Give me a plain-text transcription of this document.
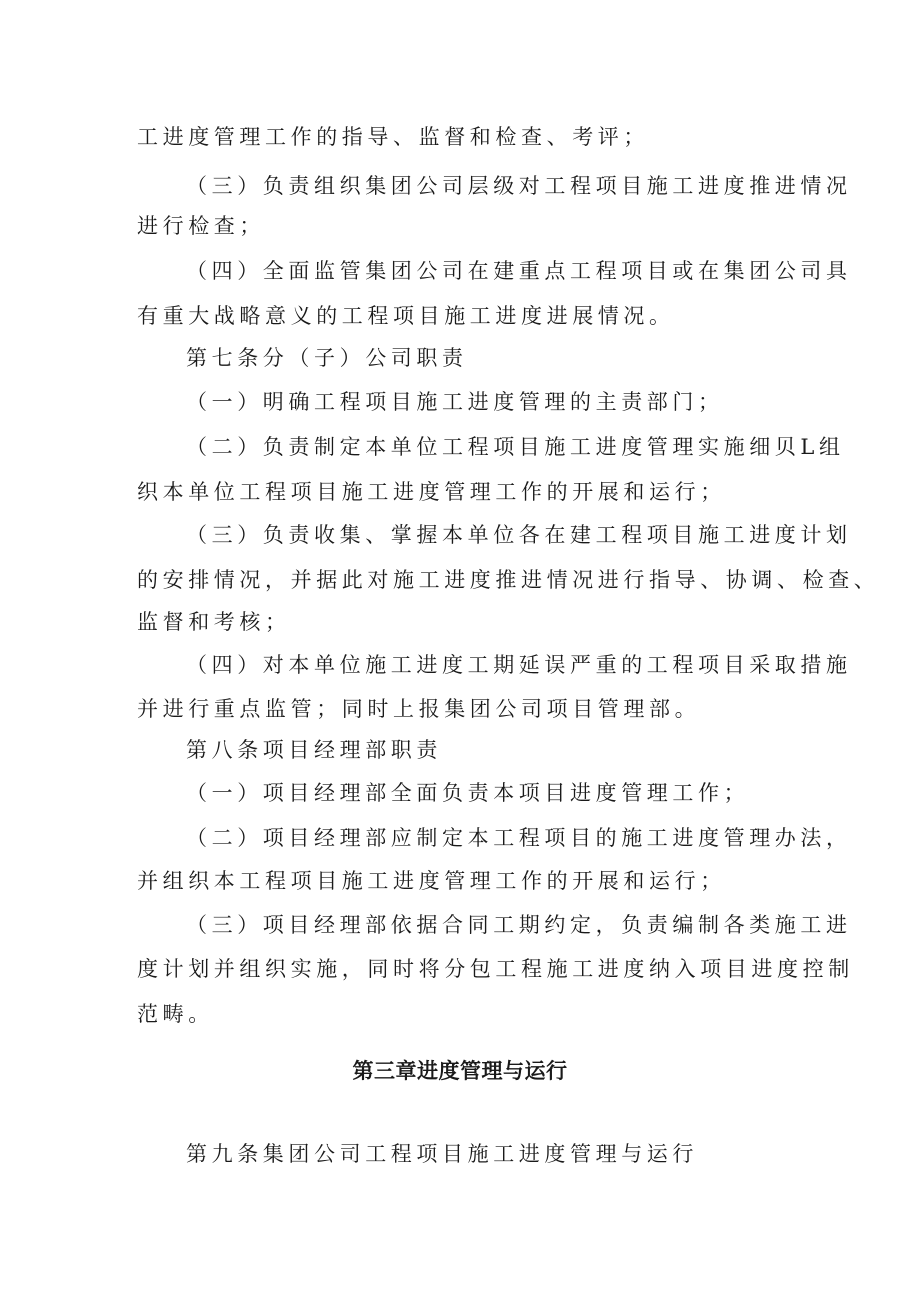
工进度管理工作的指导、监督和检查、考评；
（三）负责组织集团公司层级对工程项目施工进度推进情况
进行检查；
（四）全面监管集团公司在建重点工程项目或在集团公司具
有重大战略意义的工程项目施工进度进展情况。
第七条分（子）公司职责
（一）明确工程项目施工进度管理的主责部门；
（二）负责制定本单位工程项目施工进度管理实施细贝L组
织本单位工程项目施工进度管理工作的开展和运行；
（三）负责收集、掌握本单位各在建工程项目施工进度计划
的安排情况，并据此对施工进度推进情况进行指导、协调、检查、
监督和考核；
（四）对本单位施工进度工期延误严重的工程项目采取措施
并进行重点监管；同时上报集团公司项目管理部。
第八条项目经理部职责
（一）项目经理部全面负责本项目进度管理工作；
（二）项目经理部应制定本工程项目的施工进度管理办法，
并组织本工程项目施工进度管理工作的开展和运行；
（三）项目经理部依据合同工期约定，负责编制各类施工进
度计划并组织实施，同时将分包工程施工进度纳入项目进度控制
范畴。
第三章进度管理与运行
第九条集团公司工程项目施工进度管理与运行
